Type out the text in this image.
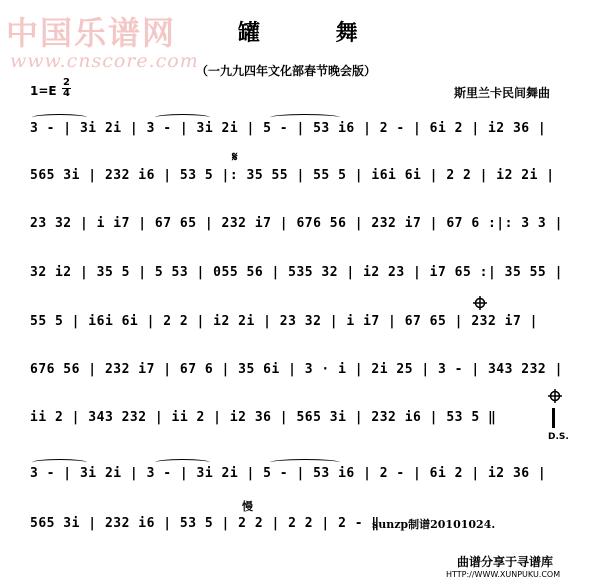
中国乐谱网
www.cnscore.com
罐 舞
（一九九四年文化部春节晚会版）
1=E
2
4	斯里兰卡民间舞曲
3 - | 3i 2i | 3 - | 3i 2i | 5 - | 53 i6 | 2 - | 6i 2 | i2 36 |
565 3i | 232 i6 | 53 5 |: 35 55 | 55 5 | i6i 6i | 2 2 | i2 2i |
23 32 | i i7 | 67 65 | 232 i7 | 676 56 | 232 i7 | 67 6 :|: 3 3 |
32 i2 | 35 5 | 5 53 | 055 56 | 535 32 | i2 23 | i7 65 :| 35 55 |
55 5 | i6i 6i | 2 2 | i2 2i | 23 32 | i i7 | 67 65 | 232 i7 |
676 56 | 232 i7 | 67 6 | 35 6i | 3 · i | 2i 25 | 3 - | 343 232 |
ii 2 | 343 232 | ii 2 | i2 36 | 565 3i | 232 i6 | 53 5 ‖
3 - | 3i 2i | 3 - | 3i 2i | 5 - | 53 i6 | 2 - | 6i 2 | i2 36 |
565 3i | 232 i6 | 53 5 | 2 2 | 2 2 | 2 - ‖
𝄋
D.S.
慢
sunzp制谱20101024.
曲谱分享于寻谱库
HTTP://WWW.XUNPUKU.COM
